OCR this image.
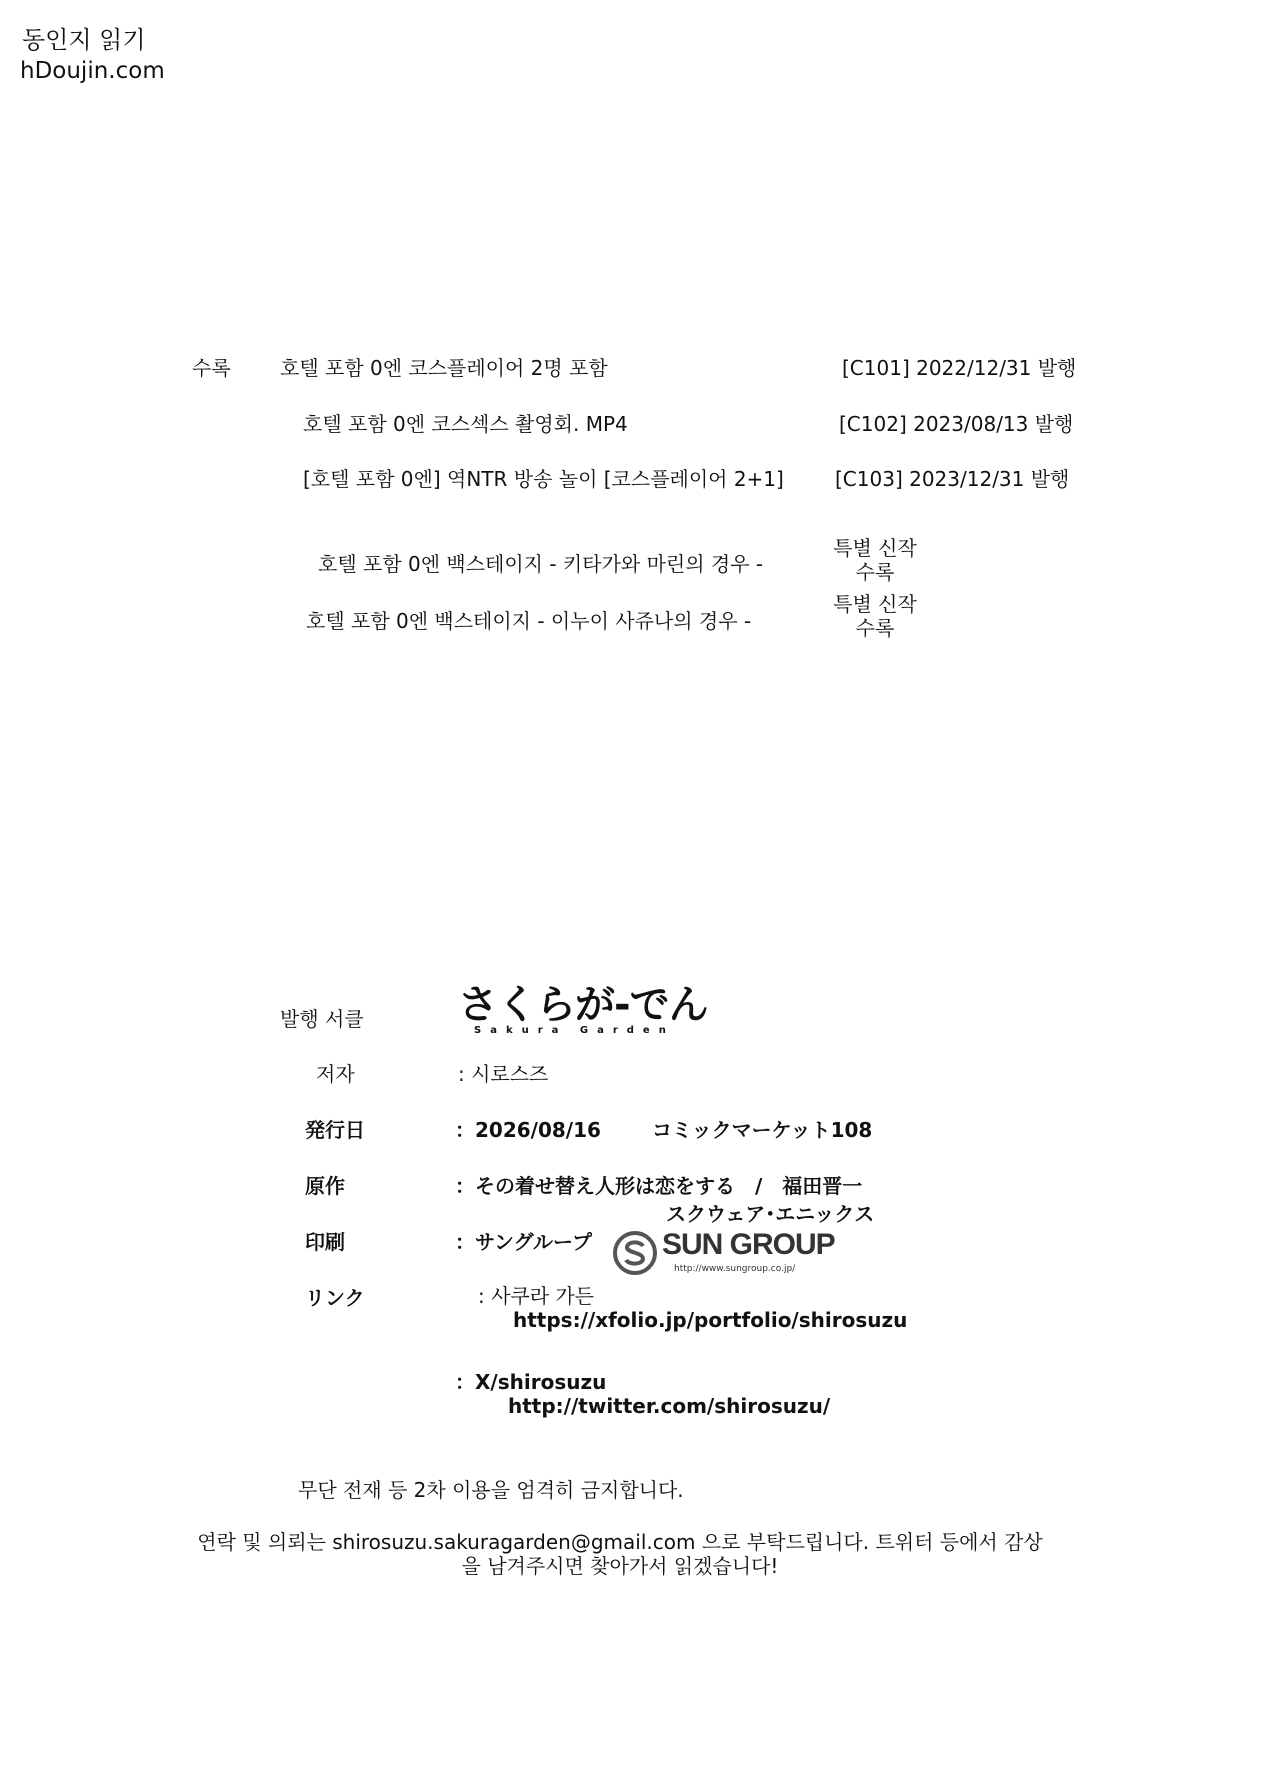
동인지 읽기
hDoujin.com
수록 호텔 포함 0엔 코스플레이어 2명 포함	[C101] 2022/12/31 발행
호텔 포함 0엔 코스섹스 촬영회. MP4	[C102] 2023/08/13 발행
[호텔 포함 0엔] 역NTR 방송 놀이 [코스플레이어 2+1]	[C103] 2023/12/31 발행
호텔 포함 0엔 백스테이지 - 키타가와 마린의 경우 -
특별 신작
수록
호텔 포함 0엔 백스테이지 - 이누이 사쥬나의 경우 -
특별 신작
수록
발행 서클 さくらが-でん
Sakura Garden
저자	: 시로스즈
発行日	：2026/08/16	コミックマーケット108
原作	：その着せ替え人形は恋をする　/　福田晋一
スクウェア･エニックス
印刷	：サングループ SUN GROUP
http://www.sungroup.co.jp/
リンク	: 사쿠라 가든
https://xfolio.jp/portfolio/shirosuzu
：X/shirosuzu
http://twitter.com/shirosuzu/
무단 전재 등 2차 이용을 엄격히 금지합니다.
연락 및 의뢰는 shirosuzu.sakuragarden@gmail.com 으로 부탁드립니다. 트위터 등에서 감상
을 남겨주시면 찾아가서 읽겠습니다!
